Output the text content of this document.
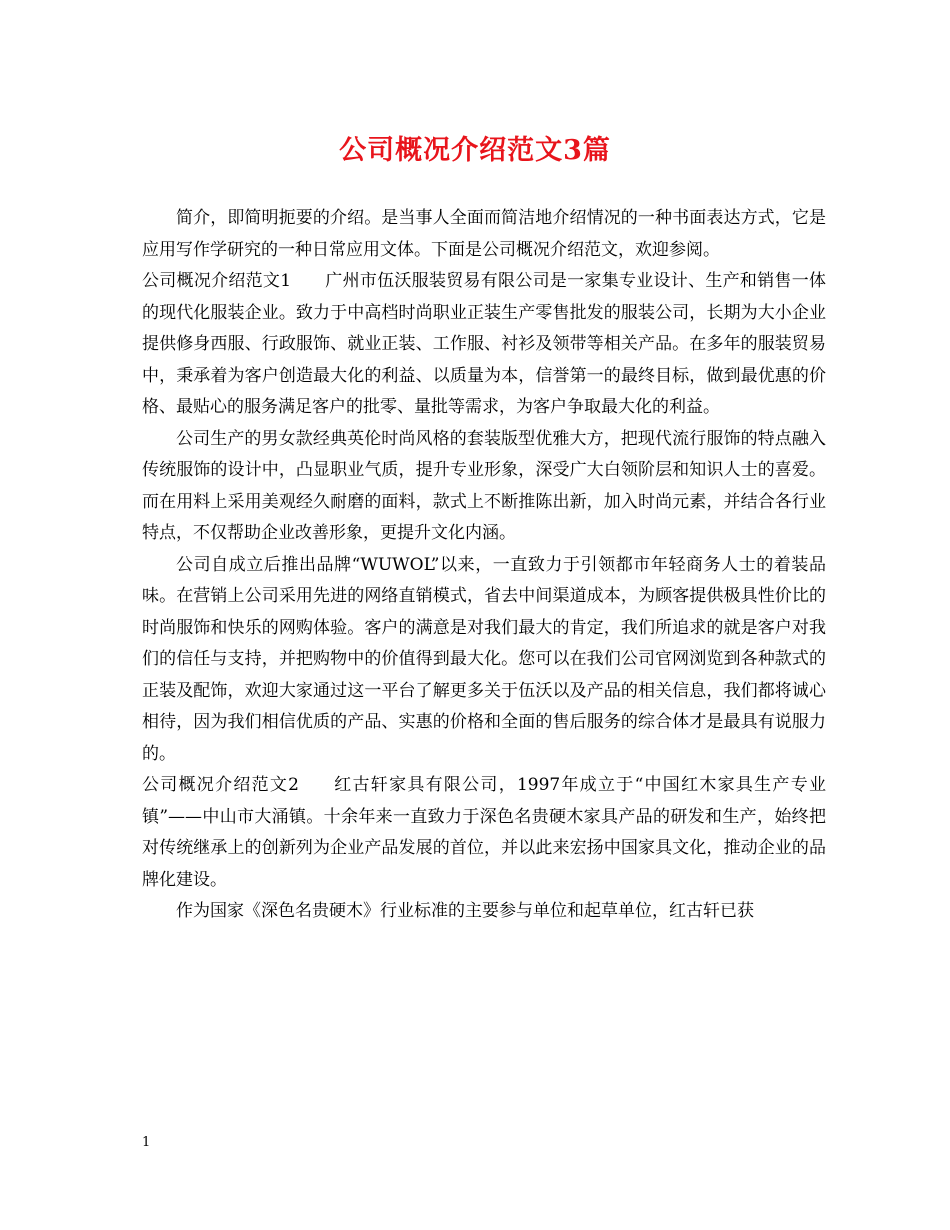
公司概况介绍范文3篇

简介，即简明扼要的介绍。是当事人全面而简洁地介绍情况的一种书面表达方式，它是应用写作学研究的一种日常应用文体。下面是公司概况介绍范文，欢迎参阅。

公司概况介绍范文1 广州市伍沃服装贸易有限公司是一家集专业设计、生产和销售一体的现代化服装企业。致力于中高档时尚职业正装生产零售批发的服装公司，长期为大小企业提供修身西服、行政服饰、就业正装、工作服、衬衫及领带等相关产品。在多年的服装贸易中，秉承着为客户创造最大化的利益、以质量为本，信誉第一的最终目标，做到最优惠的价格、最贴心的服务满足客户的批零、量批等需求，为客户争取最大化的利益。

公司生产的男女款经典英伦时尚风格的套装版型优雅大方，把现代流行服饰的特点融入传统服饰的设计中，凸显职业气质，提升专业形象，深受广大白领阶层和知识人士的喜爱。而在用料上采用美观经久耐磨的面料，款式上不断推陈出新，加入时尚元素，并结合各行业特点，不仅帮助企业改善形象，更提升文化内涵。

公司自成立后推出品牌“WUWOL”以来，一直致力于引领都市年轻商务人士的着装品味。在营销上公司采用先进的网络直销模式，省去中间渠道成本，为顾客提供极具性价比的时尚服饰和快乐的网购体验。客户的满意是对我们最大的肯定，我们所追求的就是客户对我们的信任与支持，并把购物中的价值得到最大化。您可以在我们公司官网浏览到各种款式的正装及配饰，欢迎大家通过这一平台了解更多关于伍沃以及产品的相关信息，我们都将诚心相待，因为我们相信优质的产品、实惠的价格和全面的售后服务的综合体才是最具有说服力的。

公司概况介绍范文2 红古轩家具有限公司，1997年成立于“中国红木家具生产专业镇”——中山市大涌镇。十余年来一直致力于深色名贵硬木家具产品的研发和生产，始终把对传统继承上的创新列为企业产品发展的首位，并以此来宏扬中国家具文化，推动企业的品牌化建设。

作为国家《深色名贵硬木》行业标准的主要参与单位和起草单位，红古轩已获

1
